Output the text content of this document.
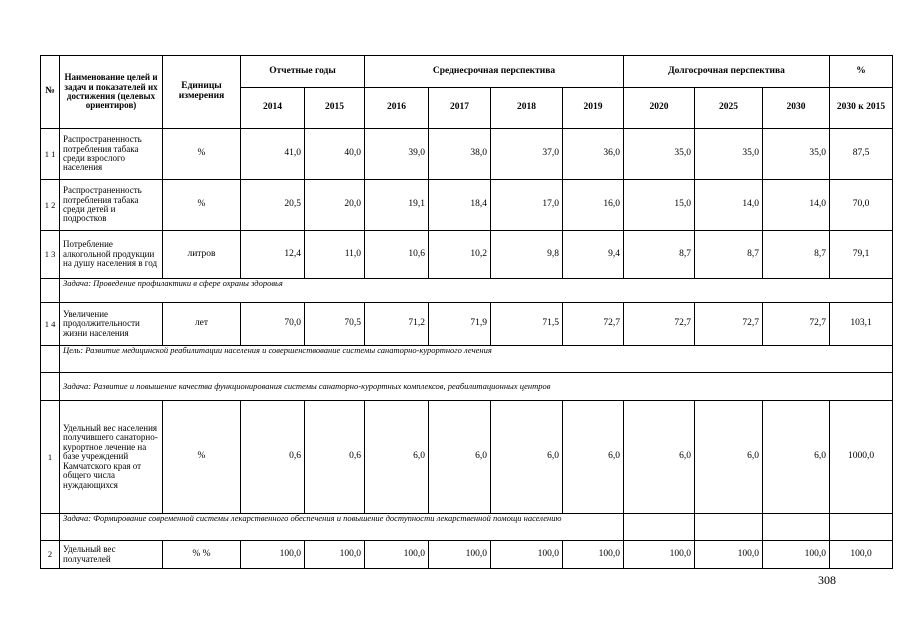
№	Наименование целей и задач и показателей их достижения (целевых ориентиров)	Единицы измерения	Отчетные годы		Среднесрочная перспектива				Долгосрочная перспектива			%
			2014	2015	2016	2017	2018	2019	2020	2025	2030	2030 к 2015
1 1	Распространенность потребления табака среди взрослого населения	%	41,0	40,0	39,0	38,0	37,0	36,0	35,0	35,0	35,0	87,5
1 2	Распространенность потребления табака среди детей и подростков	%	20,5	20,0	19,1	18,4	17,0	16,0	15,0	14,0	14,0	70,0
1 3	Потребление алкогольной продукции на душу населения в год	литров	12,4	11,0	10,6	10,2	9,8	9,4	8,7	8,7	8,7	79,1
	Задача: Проведение профилактики в сфере охраны здоровья											
1 4	Увеличение продолжительности жизни населения	лет	70,0	70,5	71,2	71,9	71,5	72,7	72,7	72,7	72,7	103,1
	Цель: Развитие медицинской реабилитации населения и совершенствование системы санаторно-курортного лечения											
	Задача: Развитие и повышение качества функционирования системы санаторно-курортных комплексов, реабилитационных центров											
1	Удельный вес населения получившего санаторно-курортное лечение на базе учреждений Камчатского края от общего числа нуждающихся	%	0,6	0,6	6,0	6,0	6,0	6,0	6,0	6,0	6,0	1000,0
	Задача: Формирование современной системы лекарственного обеспечения и повышение доступности лекарственной помощи населению											
2	Удельный вес получателей	% %	100,0	100,0	100,0	100,0	100,0	100,0	100,0	100,0	100,0	100,0
308
